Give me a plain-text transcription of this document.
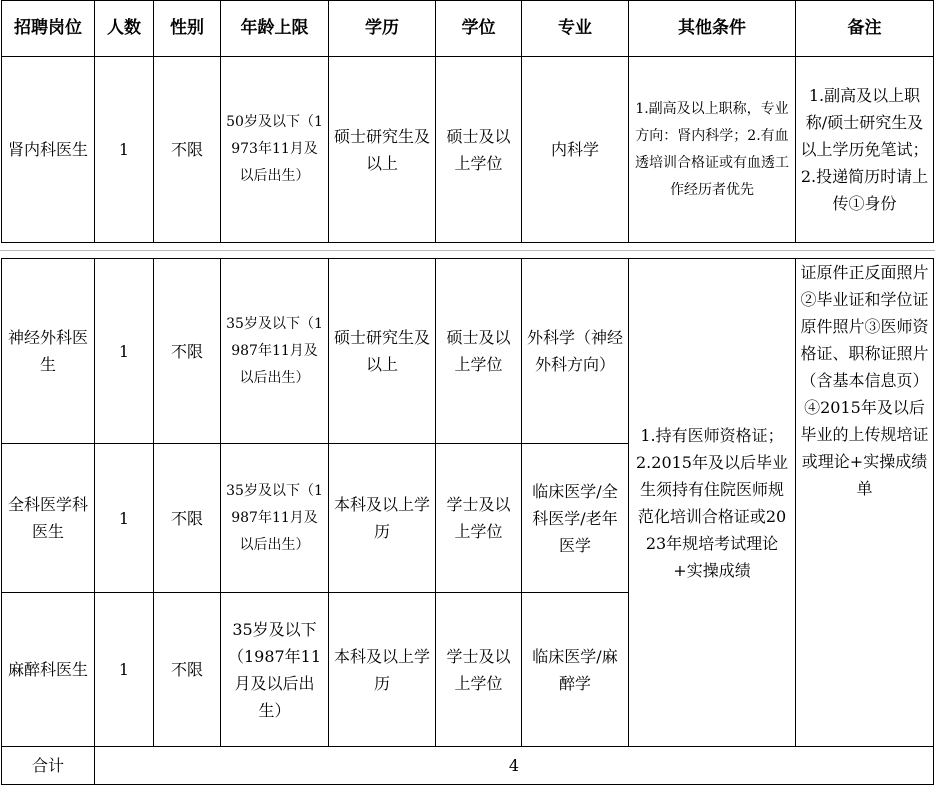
招聘岗位	人数	性别	年龄上限	学历	学位	专业	其他条件	备注
肾内科医生	1	不限	50岁及以下（1973年11月及以后出生）	硕士研究生及以上	硕士及以上学位	内科学	1.副高及以上职称，专业方向：肾内科学；2.有血透培训合格证或有血透工作经历者优先	1.副高及以上职称/硕士研究生及以上学历免笔试；2.投递简历时请上传①身份
神经外科医生	1	不限	35岁及以下（1987年11月及以后出生）	硕士研究生及以上	硕士及以上学位	外科学（神经外科方向）	1.持有医师资格证；2.2015年及以后毕业生须持有住院医师规范化培训合格证或2023年规培考试理论+实操成绩	证原件正反面照片②毕业证和学位证原件照片③医师资格证、职称证照片（含基本信息页）④2015年及以后毕业的上传规培证或理论+实操成绩单
全科医学科医生	1	不限	35岁及以下（1987年11月及以后出生）	本科及以上学历	学士及以上学位	临床医学/全科医学/老年医学		
麻醉科医生	1	不限	35岁及以下（1987年11月及以后出生）	本科及以上学历	学士及以上学位	临床医学/麻醉学		
合计	4							
